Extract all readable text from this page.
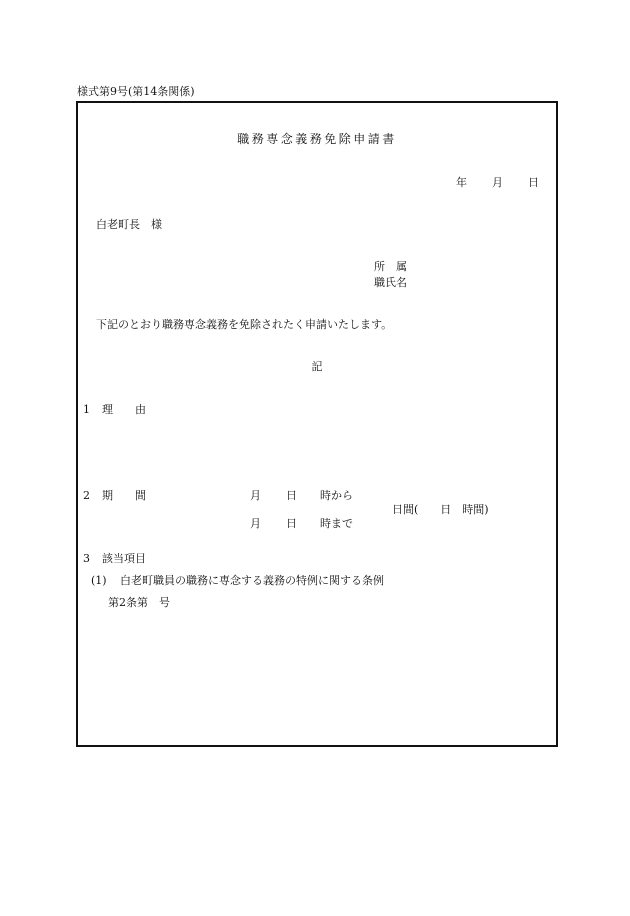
様式第9号(第14条関係)
職務専念義務免除申請書
年 月 日
白老町長　様
所　属
職氏名
下記のとおり職務専念義務を免除されたく申請いたします。
記
1 理　　由
2 期　　間	月 日 時から
日間(　　日　時間)
月 日 時まで
3 該当項目
(1) 白老町職員の職務に専念する義務の特例に関する条例
第2条第　号
